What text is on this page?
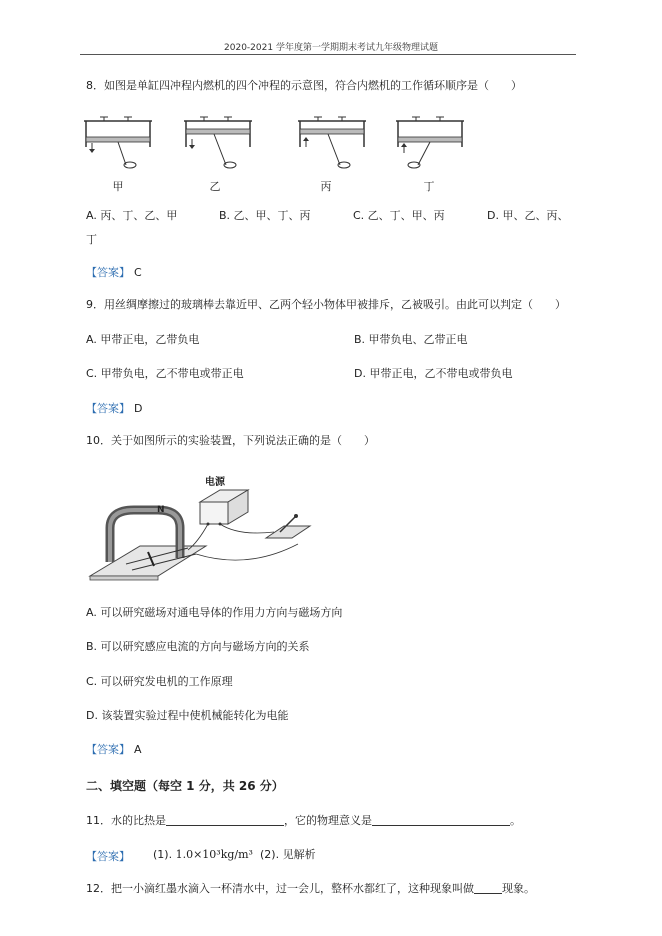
2020-2021 学年度第一学期期末考试九年级物理试题
8．如图是单缸四冲程内燃机的四个冲程的示意图，符合内燃机的工作循环顺序是（　　）
甲	乙	丙	丁
A. 丙、丁、乙、甲	B. 乙、甲、丁、丙	C. 乙、丁、甲、丙	D. 甲、乙、丙、
丁
【答案】 C
9．用丝绸摩擦过的玻璃棒去靠近甲、乙两个轻小物体甲被排斥，乙被吸引。由此可以判定（　　）
A. 甲带正电，乙带负电	B. 甲带负电、乙带正电
C. 甲带负电，乙不带电或带正电	D. 甲带正电，乙不带电或带负电
【答案】 D
10．关于如图所示的实验装置，下列说法正确的是（　　）
电源
N
A. 可以研究磁场对通电导体的作用力方向与磁场方向
B. 可以研究感应电流的方向与磁场方向的关系
C. 可以研究发电机的工作原理
D. 该装置实验过程中使机械能转化为电能
【答案】 A
二、填空题（每空 1 分，共 26 分）
11．水的比热是	，它的物理意义是	。
【答案】 (1). 1.0×10³kg/m³ (2). 见解析
12．把一小滴红墨水滴入一杯清水中，过一会儿，整杯水都红了，这种现象叫做	现象。
